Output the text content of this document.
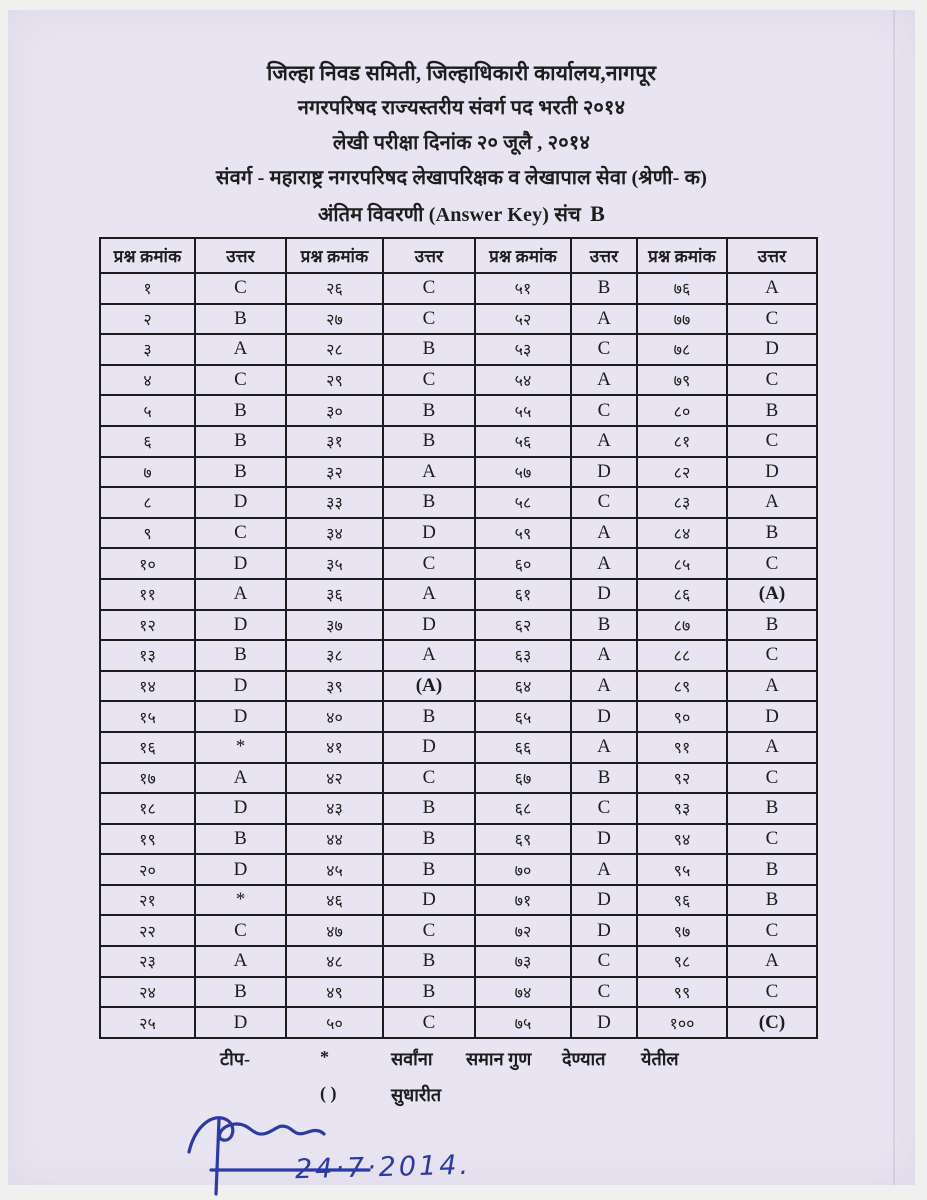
जिल्हा निवड समिती, जिल्हाधिकारी कार्यालय,नागपूर
नगरपरिषद राज्यस्तरीय संवर्ग पद भरती २०१४
लेखी परीक्षा दिनांक २० जूलै , २०१४
संवर्ग - महाराष्ट्र नगरपरिषद लेखापरिक्षक व लेखापाल सेवा (श्रेणी- क)
अंतिम विवरणी (Answer Key) संच B
प्रश्न क्रमांक	उत्तर	प्रश्न क्रमांक	उत्तर	प्रश्न क्रमांक	उत्तर	प्रश्न क्रमांक	उत्तर
१	C	२६	C	५१	B	७६	A
२	B	२७	C	५२	A	७७	C
३	A	२८	B	५३	C	७८	D
४	C	२९	C	५४	A	७९	C
५	B	३०	B	५५	C	८०	B
६	B	३१	B	५६	A	८१	C
७	B	३२	A	५७	D	८२	D
८	D	३३	B	५८	C	८३	A
९	C	३४	D	५९	A	८४	B
१०	D	३५	C	६०	A	८५	C
११	A	३६	A	६१	D	८६	(A)
१२	D	३७	D	६२	B	८७	B
१३	B	३८	A	६३	A	८८	C
१४	D	३९	(A)	६४	A	८९	A
१५	D	४०	B	६५	D	९०	D
१६	*	४१	D	६६	A	९१	A
१७	A	४२	C	६७	B	९२	C
१८	D	४३	B	६८	C	९३	B
१९	B	४४	B	६९	D	९४	C
२०	D	४५	B	७०	A	९५	B
२१	*	४६	D	७१	D	९६	B
२२	C	४७	C	७२	D	९७	C
२३	A	४८	B	७३	C	९८	A
२४	B	४९	B	७४	C	९९	C
२५	D	५०	C	७५	D	१००	(C)
टीप-	*	सर्वांना समान गुण देण्यात येतील
( )	सुधारीत
24·7·2014.
